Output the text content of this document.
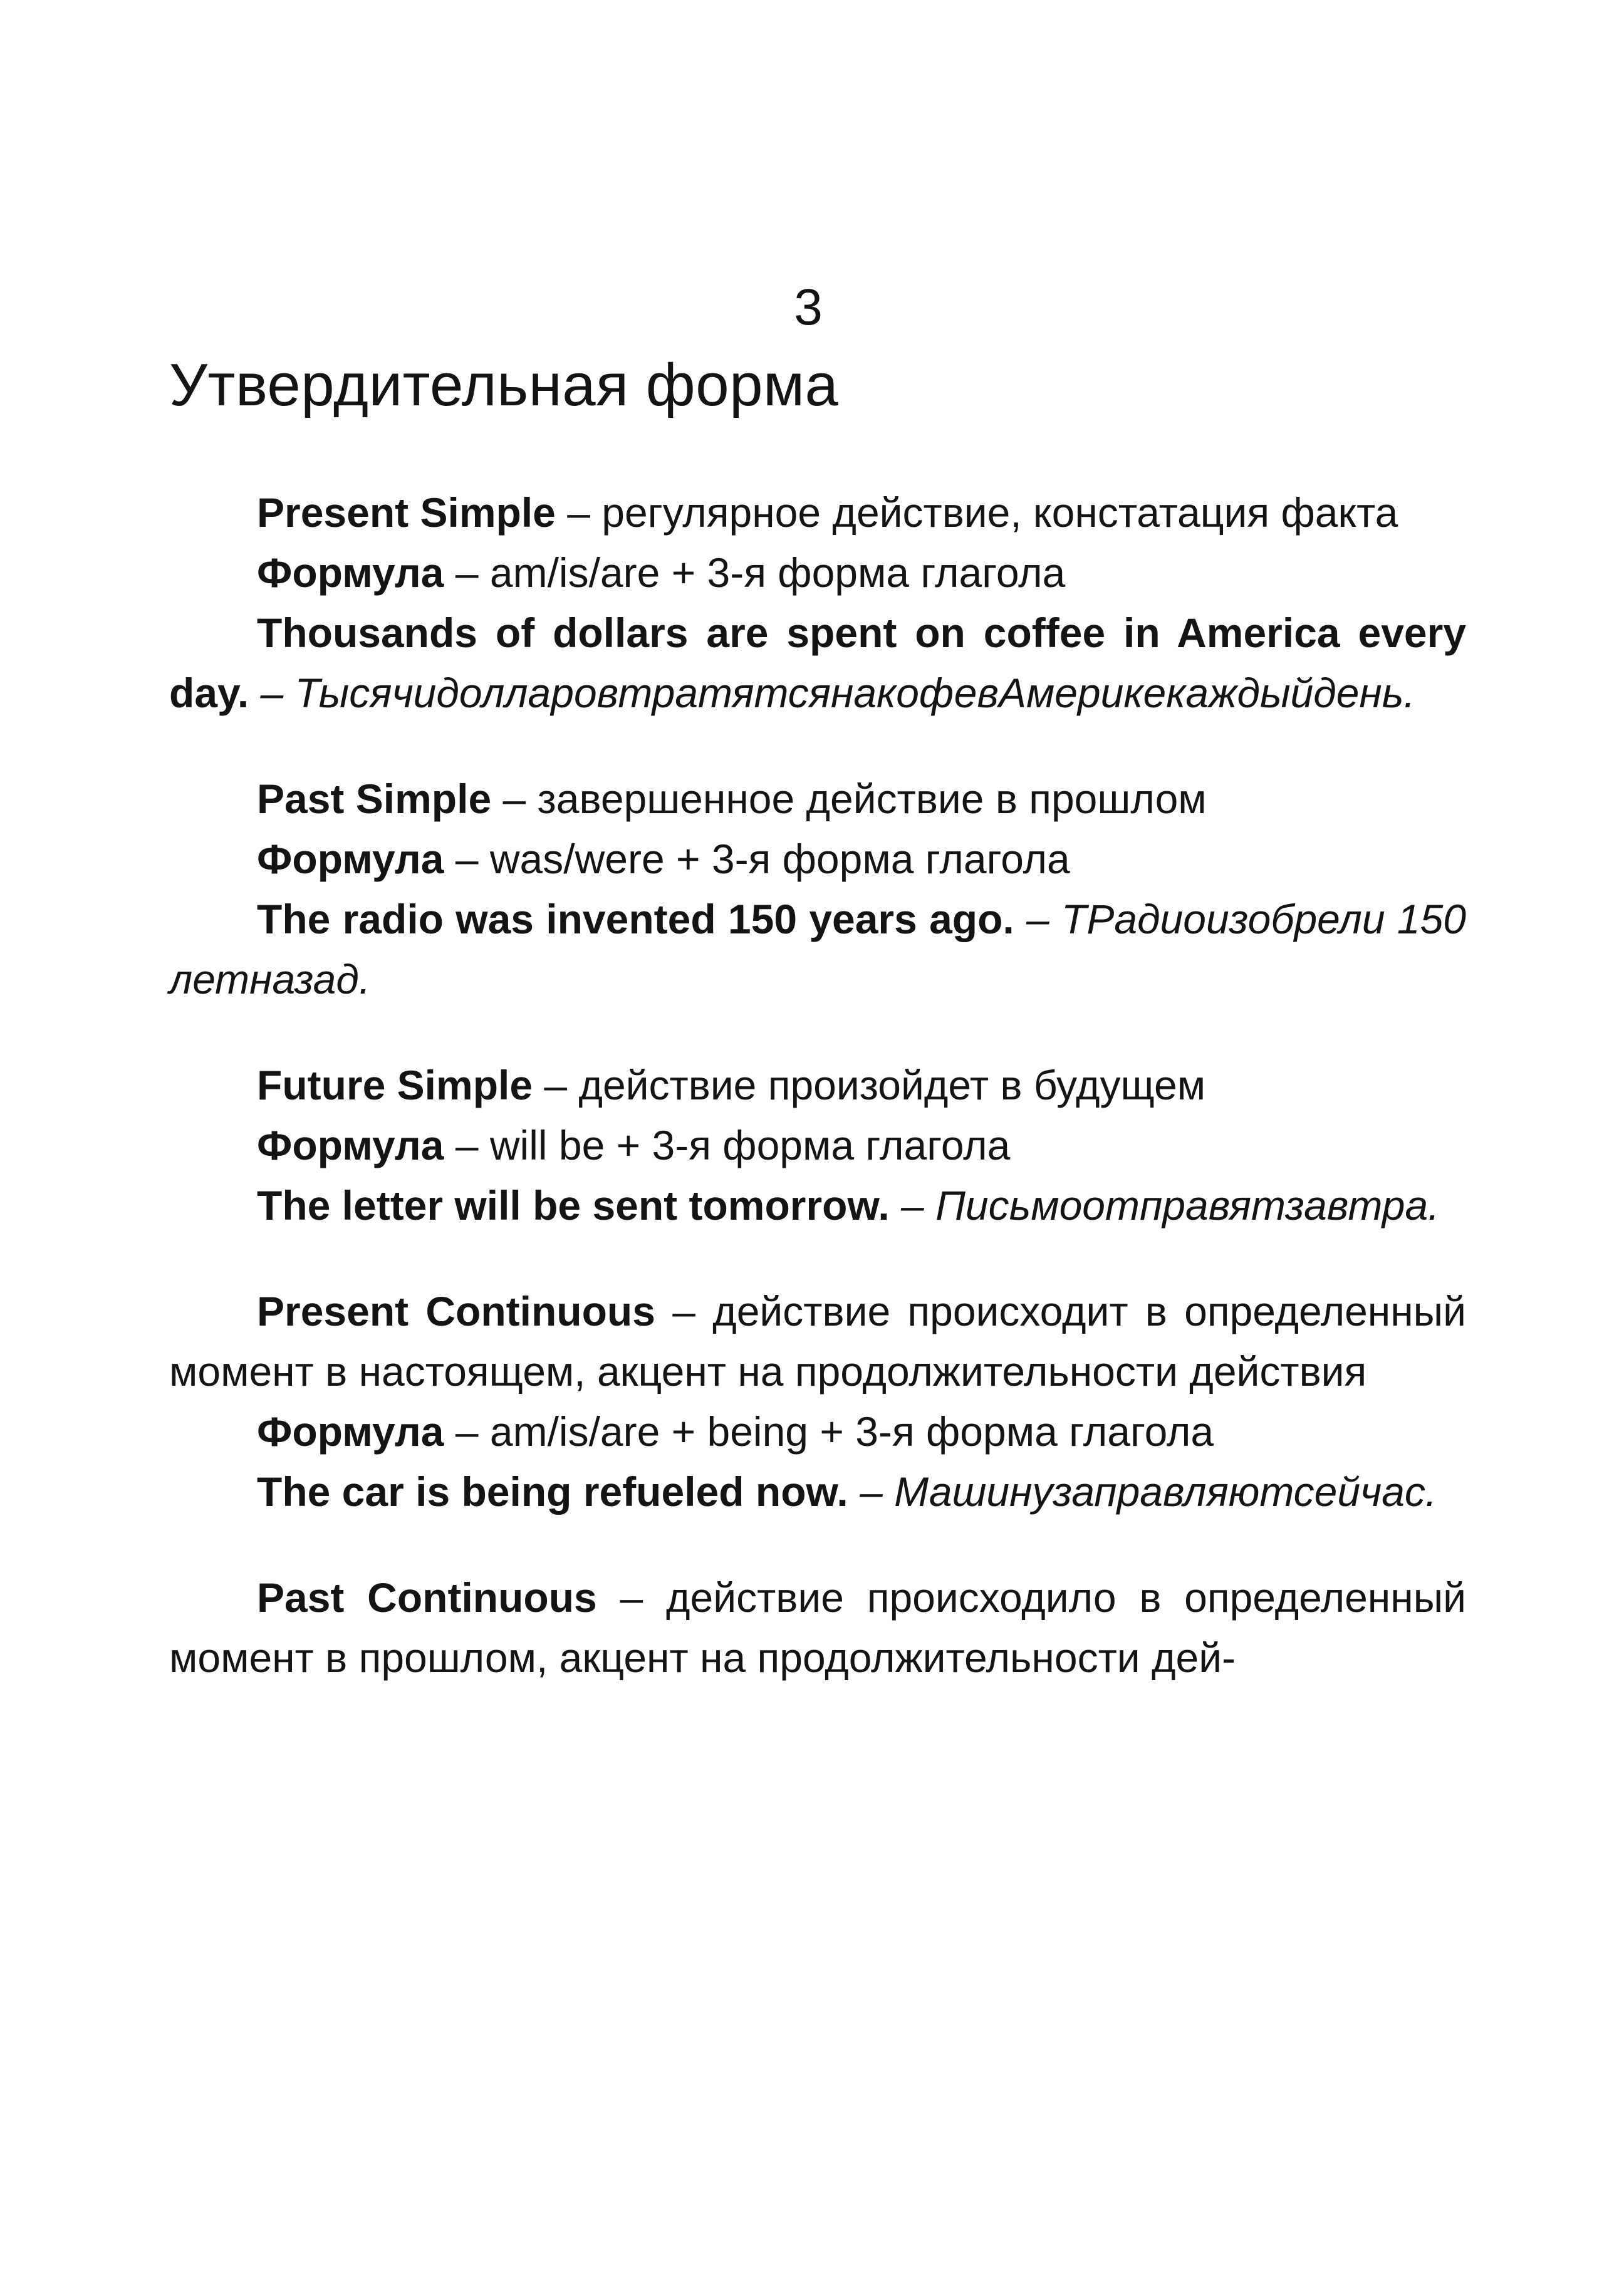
3
Утвердительная форма

Present Simple – регулярное действие, констатация факта

Формула – am/is/are + 3-я форма глагола

Thousands of dollars are spent on coffee in America every day. – ТысячидолларовтратятсянакофевАмерикекаждыйдень.

Past Simple – завершенное действие в прошлом

Формула – was/were + 3-я форма глагола

The radio was invented 150 years ago. – ТРадиоизобрели 150 летназад.

Future Simple – действие произойдет в будущем

Формула – will be + 3-я форма глагола

The letter will be sent tomorrow. – Письмоотправятзавтра.

Present Continuous – действие происходит в определенный момент в настоящем, акцент на продолжительности действия

Формула – am/is/are + being + 3-я форма глагола

The car is being refueled now. – Машинузаправляютсейчас.

Past Continuous – действие происходило в определенный момент в прошлом, акцент на продолжительности дей-
